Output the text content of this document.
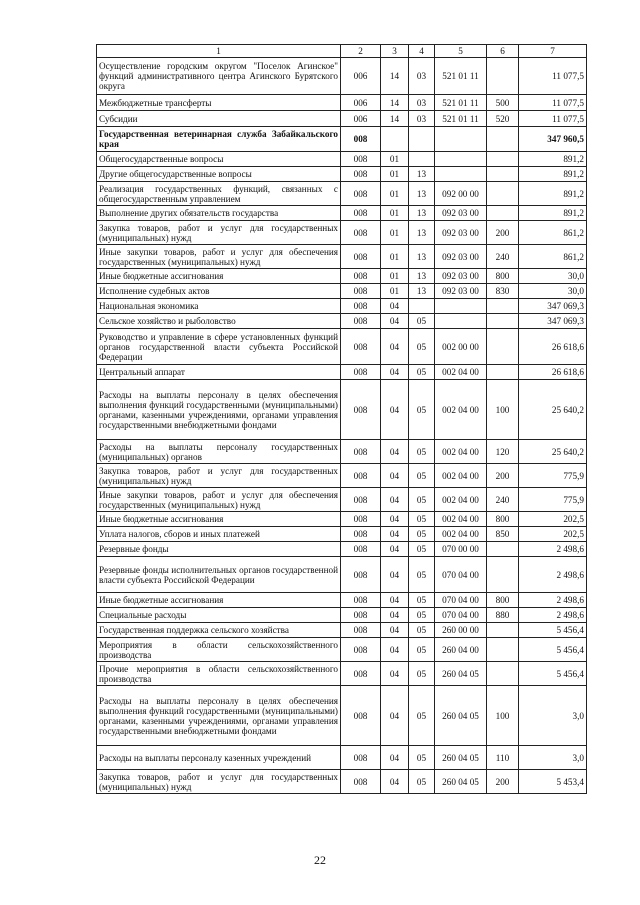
1	2	3	4	5	6	7
Осуществление городским округом "Поселок Агинское" функций административного центра Агинского Бурятского округа	006	14	03	521 01 11		11 077,5
Межбюджетные трансферты	006	14	03	521 01 11	500	11 077,5
Субсидии	006	14	03	521 01 11	520	11 077,5
Государственная ветеринарная служба Забайкальского края	008					347 960,5
Общегосударственные вопросы	008	01				891,2
Другие общегосударственные вопросы	008	01	13			891,2
Реализация государственных функций, связанных с общегосударственным управлением	008	01	13	092 00 00		891,2
Выполнение других обязательств государства	008	01	13	092 03 00		891,2
Закупка товаров, работ и услуг для государственных (муниципальных) нужд	008	01	13	092 03 00	200	861,2
Иные закупки товаров, работ и услуг для обеспечения государственных (муниципальных) нужд	008	01	13	092 03 00	240	861,2
Иные бюджетные ассигнования	008	01	13	092 03 00	800	30,0
Исполнение судебных актов	008	01	13	092 03 00	830	30,0
Национальная экономика	008	04				347 069,3
Сельское хозяйство и рыболовство	008	04	05			347 069,3
Руководство и управление в сфере установленных функций органов государственной власти субъекта Российской Федерации	008	04	05	002 00 00		26 618,6
Центральный аппарат	008	04	05	002 04 00		26 618,6
Расходы на выплаты персоналу в целях обеспечения выполнения функций государственными (муниципальными) органами, казенными учреждениями, органами управления государственными внебюджетными фондами	008	04	05	002 04 00	100	25 640,2
Расходы на выплаты персоналу государственных (муниципальных) органов	008	04	05	002 04 00	120	25 640,2
Закупка товаров, работ и услуг для государственных (муниципальных) нужд	008	04	05	002 04 00	200	775,9
Иные закупки товаров, работ и услуг для обеспечения государственных (муниципальных) нужд	008	04	05	002 04 00	240	775,9
Иные бюджетные ассигнования	008	04	05	002 04 00	800	202,5
Уплата налогов, сборов и иных платежей	008	04	05	002 04 00	850	202,5
Резервные фонды	008	04	05	070 00 00		2 498,6
Резервные фонды исполнительных органов государственной власти субъекта Российской Федерации	008	04	05	070 04 00		2 498,6
Иные бюджетные ассигнования	008	04	05	070 04 00	800	2 498,6
Специальные расходы	008	04	05	070 04 00	880	2 498,6
Государственная поддержка сельского хозяйства	008	04	05	260 00 00		5 456,4
Мероприятия в области сельскохозяйственного производства	008	04	05	260 04 00		5 456,4
Прочие мероприятия в области сельскохозяйственного производства	008	04	05	260 04 05		5 456,4
Расходы на выплаты персоналу в целях обеспечения выполнения функций государственными (муниципальными) органами, казенными учреждениями, органами управления государственными внебюджетными фондами	008	04	05	260 04 05	100	3,0
Расходы на выплаты персоналу казенных учреждений	008	04	05	260 04 05	110	3,0
Закупка товаров, работ и услуг для государственных (муниципальных) нужд	008	04	05	260 04 05	200	5 453,4
22
